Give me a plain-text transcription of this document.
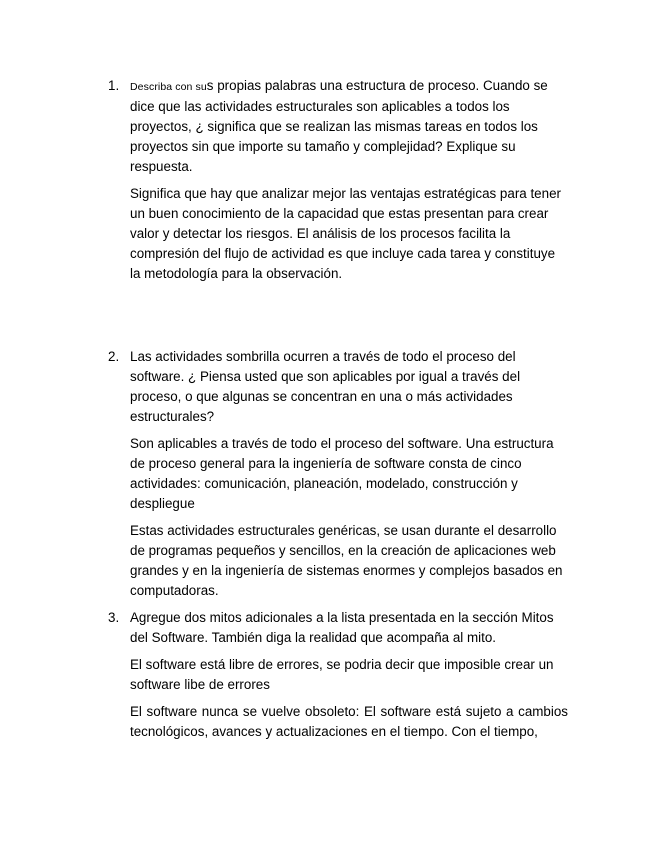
1. Describa con sus propias palabras una estructura de proceso. Cuando se dice que las actividades estructurales son aplicables a todos los proyectos, ¿ significa que se realizan las mismas tareas en todos los proyectos sin que importe su tamaño y complejidad? Explique su respuesta.

Significa que hay que analizar mejor las ventajas estratégicas para tener un buen conocimiento de la capacidad que estas presentan para crear valor y detectar los riesgos. El análisis de los procesos facilita la compresión del flujo de actividad es que incluye cada tarea y constituye la metodología para la observación.

2. Las actividades sombrilla ocurren a través de todo el proceso del software. ¿ Piensa usted que son aplicables por igual a través del proceso, o que algunas se concentran en una o más actividades estructurales?

Son aplicables a través de todo el proceso del software. Una estructura de proceso general para la ingeniería de software consta de cinco actividades: comunicación, planeación, modelado, construcción y despliegue

Estas actividades estructurales genéricas, se usan durante el desarrollo de programas pequeños y sencillos, en la creación de aplicaciones web grandes y en la ingeniería de sistemas enormes y complejos basados en computadoras.

3. Agregue dos mitos adicionales a la lista presentada en la sección Mitos del Software. También diga la realidad que acompaña al mito.

El software está libre de errores, se podria decir que imposible crear un software libe de errores

El software nunca se vuelve obsoleto: El software está sujeto a cambios tecnológicos, avances y actualizaciones en el tiempo. Con el tiempo,
